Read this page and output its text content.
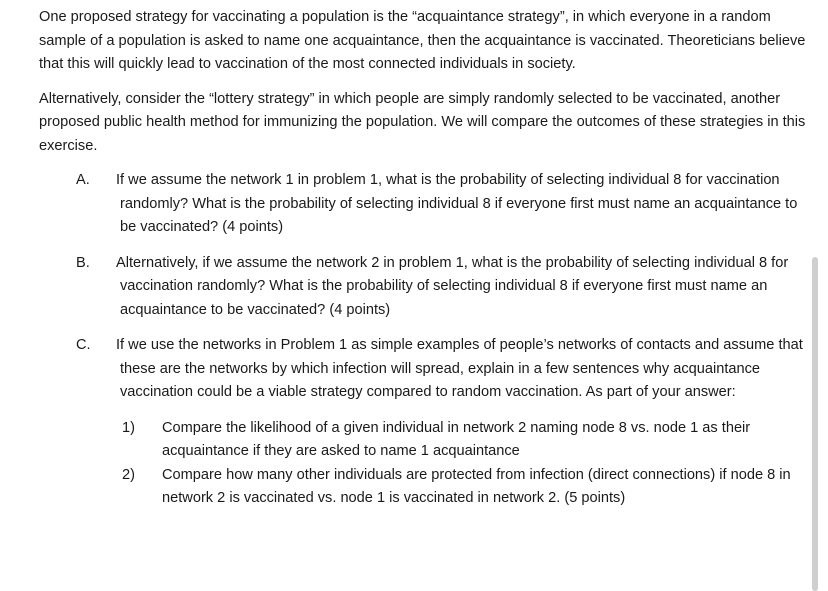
One proposed strategy for vaccinating a population is the “acquaintance strategy”, in which everyone in a random sample of a population is asked to name one acquaintance, then the acquaintance is vaccinated. Theoreticians believe that this will quickly lead to vaccination of the most connected individuals in society.

Alternatively, consider the “lottery strategy” in which people are simply randomly selected to be vaccinated, another proposed public health method for immunizing the population. We will compare the outcomes of these strategies in this exercise.

A. If we assume the network 1 in problem 1, what is the probability of selecting individual 8 for vaccination randomly? What is the probability of selecting individual 8 if everyone first must name an acquaintance to be vaccinated? (4 points)
B. Alternatively, if we assume the network 2 in problem 1, what is the probability of selecting individual 8 for vaccination randomly? What is the probability of selecting individual 8 if everyone first must name an acquaintance to be vaccinated? (4 points)
C. If we use the networks in Problem 1 as simple examples of people’s networks of contacts and assume that these are the networks by which infection will spread, explain in a few sentences why acquaintance vaccination could be a viable strategy compared to random vaccination. As part of your answer:
1) Compare the likelihood of a given individual in network 2 naming node 8 vs. node 1 as their acquaintance if they are asked to name 1 acquaintance
2) Compare how many other individuals are protected from infection (direct connections) if node 8 in network 2 is vaccinated vs. node 1 is vaccinated in network 2. (5 points)
